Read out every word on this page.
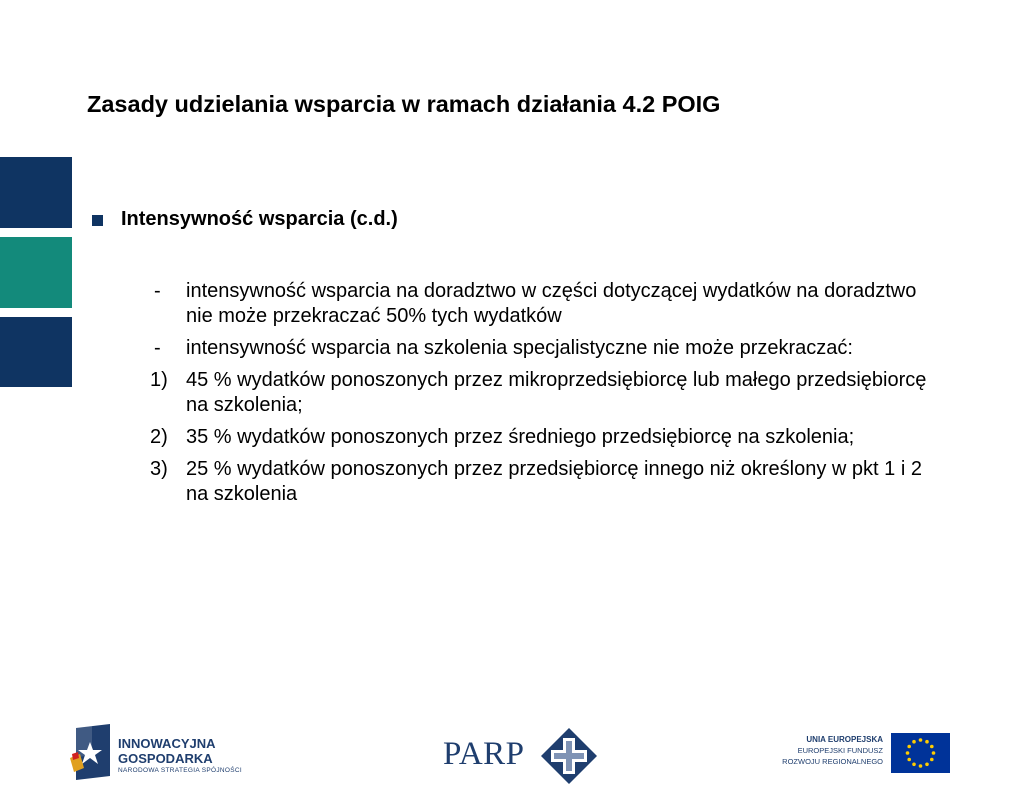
Zasady udzielania wsparcia w ramach działania 4.2 POIG
Intensywność wsparcia (c.d.)
-	intensywność wsparcia na doradztwo w części dotyczącej wydatków na doradztwo nie może przekraczać 50% tych wydatków
-	intensywność wsparcia na szkolenia specjalistyczne nie może przekraczać:
1) 45 % wydatków ponoszonych przez mikroprzedsiębiorcę lub małego przedsiębiorcę na szkolenia;
2) 35 % wydatków ponoszonych przez średniego przedsiębiorcę na szkolenia;
3) 25 % wydatków ponoszonych przez przedsiębiorcę innego niż określony w pkt 1 i 2 na szkolenia
INNOWACYJNA
GOSPODARKA
NARODOWA STRATEGIA SPÓJNOŚCI	PARP	UNIA EUROPEJSKA
EUROPEJSKI FUNDUSZ
ROZWOJU REGIONALNEGO
